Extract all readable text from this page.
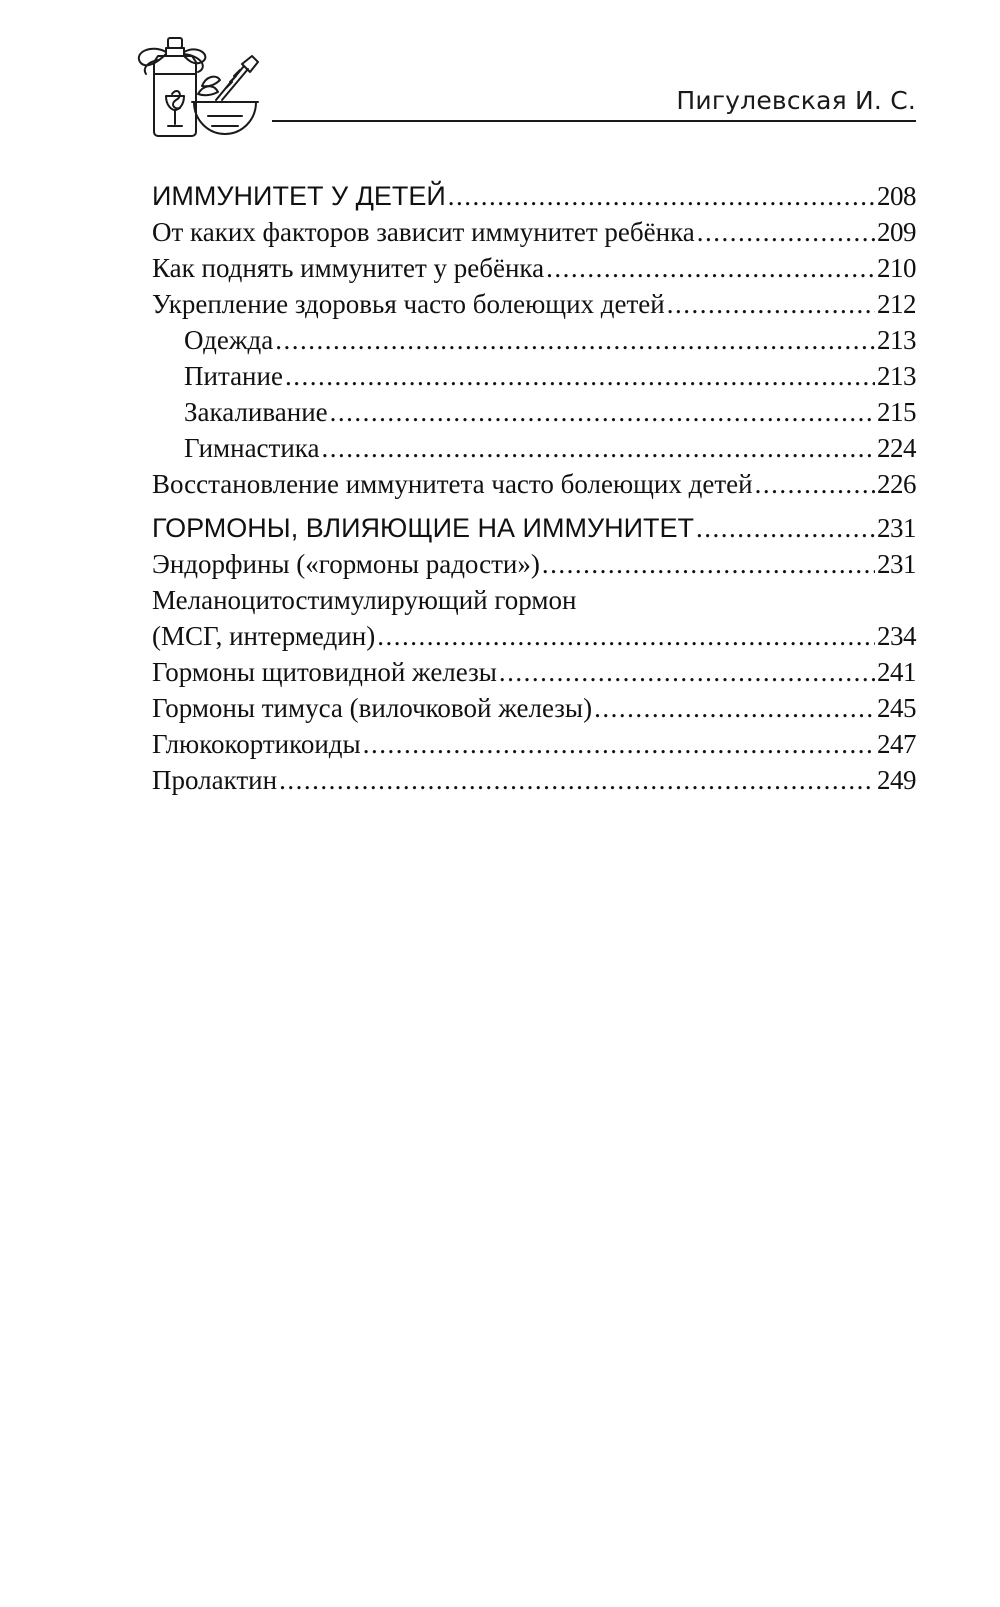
Пигулевская И. С.
ИММУНИТЕТ У ДЕТЕЙ .....	208
От каких факторов зависит иммунитет ребёнка .....	209
Как поднять иммунитет у ребёнка .....	210
Укрепление здоровья часто болеющих детей .....	212
Одежда .....	213
Питание .....	213
Закаливание .....	215
Гимнастика .....	224
Восстановление иммунитета часто болеющих детей .....	226
ГОРМОНЫ, ВЛИЯЮЩИЕ НА ИММУНИТЕТ .....	231
Эндорфины («гормоны радости») .....	231
Меланоцитостимулирующий гормон
(МСГ, интермедин) .....	234
Гормоны щитовидной железы .....	241
Гормоны тимуса (вилочковой железы) .....	245
Глюкокортикоиды .....	247
Пролактин .....	249
